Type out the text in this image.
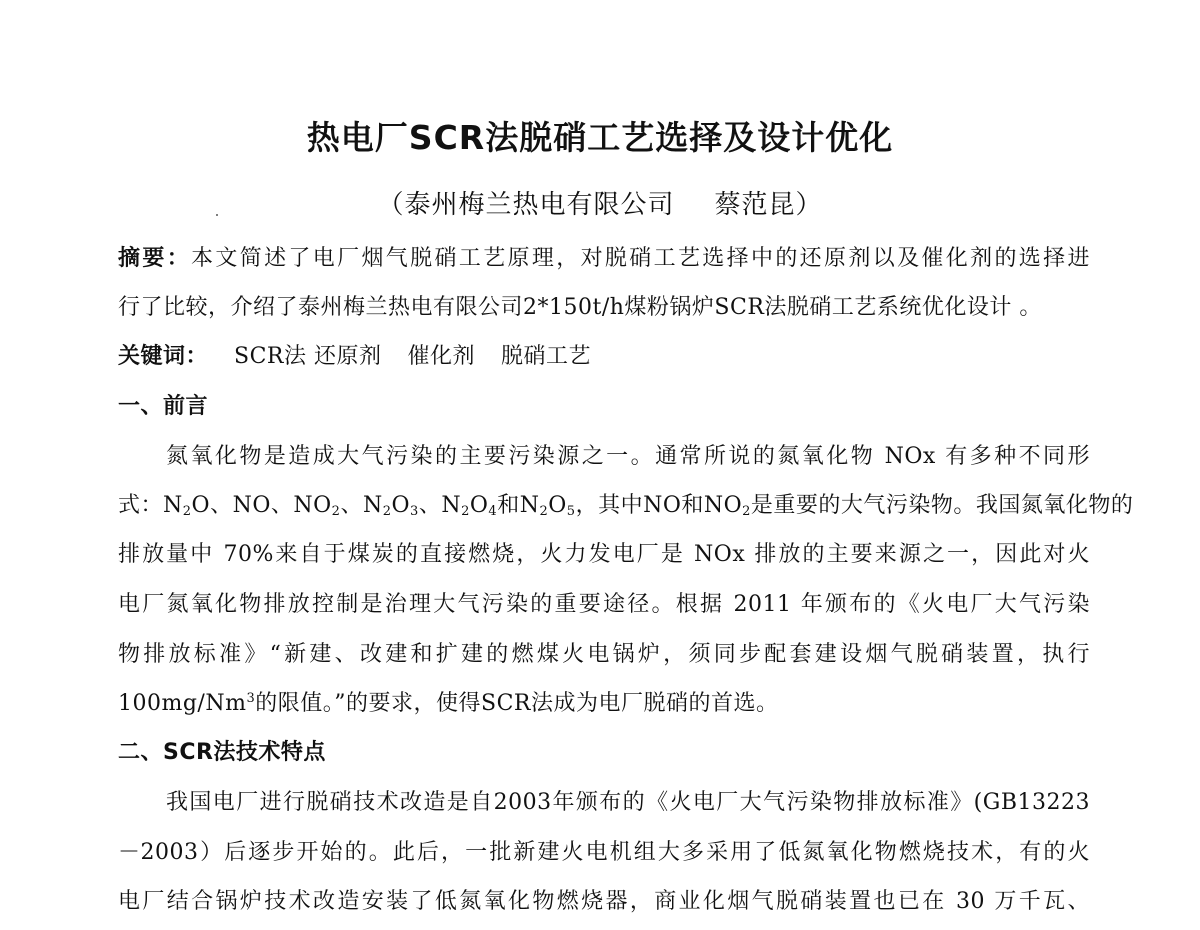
热电厂SCR法脱硝工艺选择及设计优化
（泰州梅兰热电有限公司 蔡范昆）
摘要：本文简述了电厂烟气脱硝工艺原理，对脱硝工艺选择中的还原剂以及催化剂的选择进
行了比较，介绍了泰州梅兰热电有限公司2*150t/h煤粉锅炉SCR法脱硝工艺系统优化设计 。
关键词： SCR法 还原剂 催化剂 脱硝工艺
一、前言
氮氧化物是造成大气污染的主要污染源之一。通常所说的氮氧化物 NOx 有多种不同形
式：$N_2O$、NO、$NO_2$、$N_2O_3$、$N_2O_4$和$N_2O_5$，其中NO和$NO_2$是重要的大气污染物。我国氮氧化物的
排放量中 70%来自于煤炭的直接燃烧，火力发电厂是 NOx 排放的主要来源之一，因此对火
电厂氮氧化物排放控制是治理大气污染的重要途径。根据 2011 年颁布的《火电厂大气污染
物排放标准》“新建、改建和扩建的燃煤火电锅炉，须同步配套建设烟气脱硝装置，执行
100mg/Nm$^3$的限值。”的要求，使得SCR法成为电厂脱硝的首选。
二、SCR法技术特点
我国电厂进行脱硝技术改造是自2003年颁布的《火电厂大气污染物排放标准》(GB13223
－2003）后逐步开始的。此后，一批新建火电机组大多采用了低氮氧化物燃烧技术，有的火
电厂结合锅炉技术改造安装了低氮氧化物燃烧器，商业化烟气脱硝装置也已在 30 万千瓦、
